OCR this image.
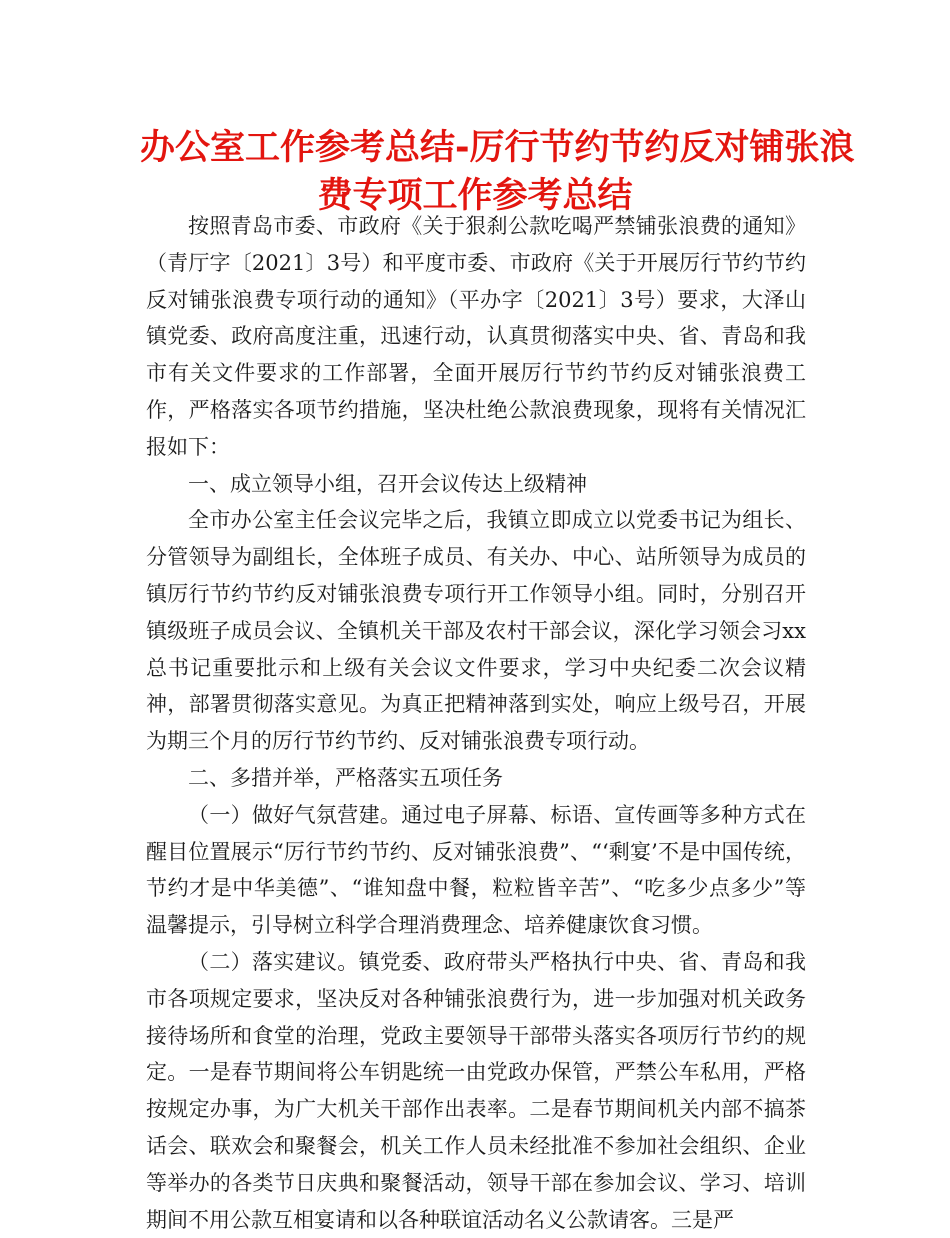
办公室工作参考总结-厉行节约节约反对铺张浪
费专项工作参考总结

按照青岛市委、市政府《关于狠刹公款吃喝严禁铺张浪费的通知》（青厅字〔2021〕3号）和平度市委、市政府《关于开展厉行节约节约反对铺张浪费专项行动的通知》（平办字〔2021〕3号）要求，大泽山镇党委、政府高度注重，迅速行动，认真贯彻落实中央、省、青岛和我市有关文件要求的工作部署，全面开展厉行节约节约反对铺张浪费工作，严格落实各项节约措施，坚决杜绝公款浪费现象，现将有关情况汇报如下：

一、成立领导小组，召开会议传达上级精神

全市办公室主任会议完毕之后，我镇立即成立以党委书记为组长、分管领导为副组长，全体班子成员、有关办、中心、站所领导为成员的镇厉行节约节约反对铺张浪费专项行开工作领导小组。同时，分别召开镇级班子成员会议、全镇机关干部及农村干部会议，深化学习领会习xx总书记重要批示和上级有关会议文件要求，学习中央纪委二次会议精神，部署贯彻落实意见。为真正把精神落到实处，响应上级号召，开展为期三个月的厉行节约节约、反对铺张浪费专项行动。

二、多措并举，严格落实五项任务

（一）做好气氛营建。通过电子屏幕、标语、宣传画等多种方式在醒目位置展示“厉行节约节约、反对铺张浪费”、“‘剩宴’不是中国传统，节约才是中华美德”、“谁知盘中餐，粒粒皆辛苦”、“吃多少点多少”等温馨提示，引导树立科学合理消费理念、培养健康饮食习惯。

（二）落实建议。镇党委、政府带头严格执行中央、省、青岛和我市各项规定要求，坚决反对各种铺张浪费行为，进一步加强对机关政务接待场所和食堂的治理，党政主要领导干部带头落实各项厉行节约的规定。一是春节期间将公车钥匙统一由党政办保管，严禁公车私用，严格按规定办事，为广大机关干部作出表率。二是春节期间机关内部不搞茶话会、联欢会和聚餐会，机关工作人员未经批准不参加社会组织、企业等举办的各类节日庆典和聚餐活动，领导干部在参加会议、学习、培训期间不用公款互相宴请和以各种联谊活动名义公款请客。三是严
